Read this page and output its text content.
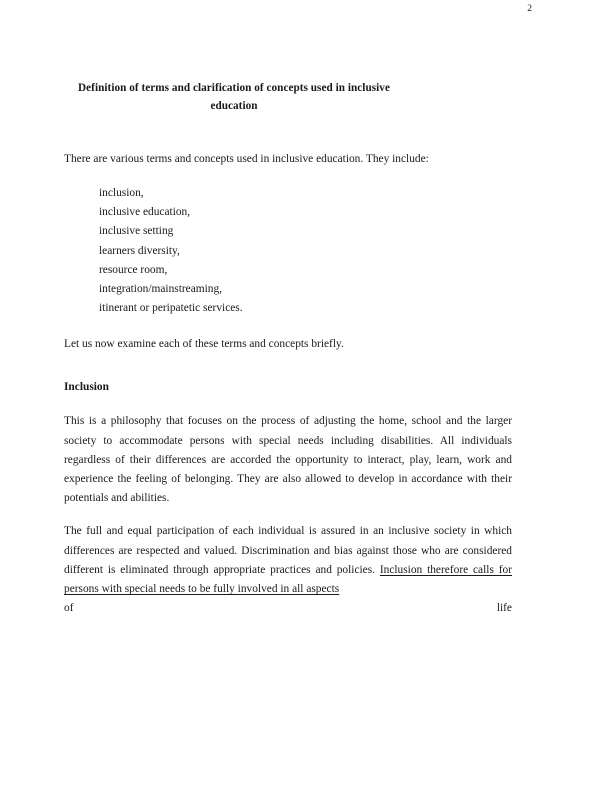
2
Definition of terms and clarification of concepts used in inclusive
education

There are various terms and concepts used in inclusive education. They include:

inclusion,
inclusive education,
inclusive setting
learners diversity,
resource room,
integration/mainstreaming,
itinerant or peripatetic services.

Let us now examine each of these terms and concepts briefly.

Inclusion

This is a philosophy that focuses on the process of adjusting the home, school and the larger society to accommodate persons with special needs including disabilities. All individuals regardless of their differences are accorded the opportunity to interact, play, learn, work and experience the feeling of belonging. They are also allowed to develop in accordance with their potentials and abilities.

The full and equal participation of each individual is assured in an inclusive society in which differences are respected and valued. Discrimination and bias against those who are considered different is eliminated through appropriate practices and policies. Inclusion therefore calls for persons with special needs to be fully involved in all aspects
of	life
